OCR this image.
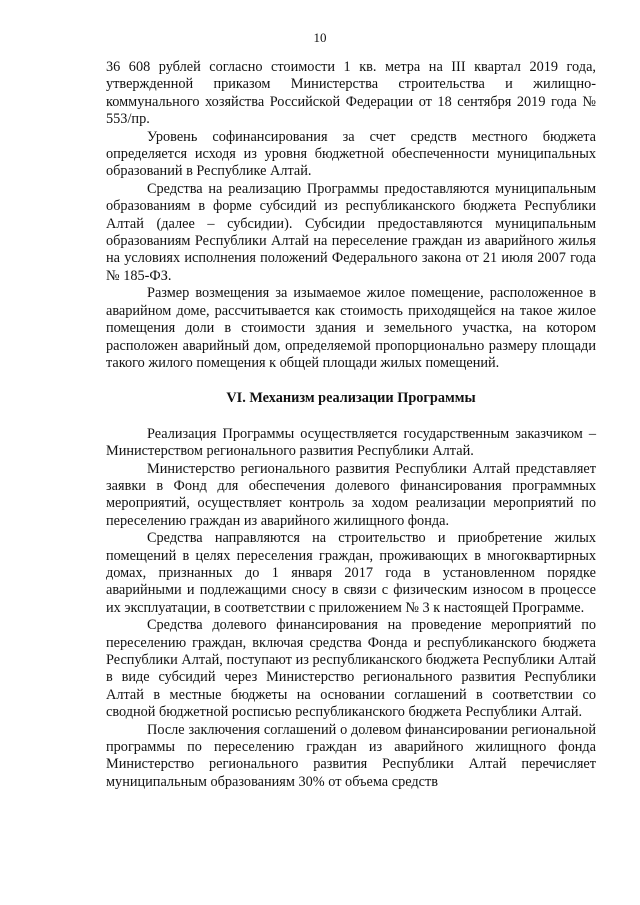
10

36 608 рублей согласно стоимости 1 кв. метра на III квартал 2019 года, утвержденной приказом Министерства строительства и жилищно-коммунального хозяйства Российской Федерации от 18 сентября 2019 года № 553/пр.

Уровень софинансирования за счет средств местного бюджета определяется исходя из уровня бюджетной обеспеченности муниципальных образований в Республике Алтай.

Средства на реализацию Программы предоставляются муниципальным образованиям в форме субсидий из республиканского бюджета Республики Алтай (далее – субсидии). Субсидии предоставляются муниципальным образованиям Республики Алтай на переселение граждан из аварийного жилья на условиях исполнения положений Федерального закона от 21 июля 2007 года № 185-ФЗ.

Размер возмещения за изымаемое жилое помещение, расположенное в аварийном доме, рассчитывается как стоимость приходящейся на такое жилое помещения доли в стоимости здания и земельного участка, на котором расположен аварийный дом, определяемой пропорционально размеру площади такого жилого помещения к общей площади жилых помещений.

VI. Механизм реализации Программы

Реализация Программы осуществляется государственным заказчиком – Министерством регионального развития Республики Алтай.

Министерство регионального развития Республики Алтай представляет заявки в Фонд для обеспечения долевого финансирования программных мероприятий, осуществляет контроль за ходом реализации мероприятий по переселению граждан из аварийного жилищного фонда.

Средства направляются на строительство и приобретение жилых помещений в целях переселения граждан, проживающих в многоквартирных домах, признанных до 1 января 2017 года в установленном порядке аварийными и подлежащими сносу в связи с физическим износом в процессе их эксплуатации, в соответствии с приложением № 3 к настоящей Программе.

Средства долевого финансирования на проведение мероприятий по переселению граждан, включая средства Фонда и республиканского бюджета Республики Алтай, поступают из республиканского бюджета Республики Алтай в виде субсидий через Министерство регионального развития Республики Алтай в местные бюджеты на основании соглашений в соответствии со сводной бюджетной росписью республиканского бюджета Республики Алтай.

После заключения соглашений о долевом финансировании региональной программы по переселению граждан из аварийного жилищного фонда Министерство регионального развития Республики Алтай перечисляет муниципальным образованиям 30% от объема средств
